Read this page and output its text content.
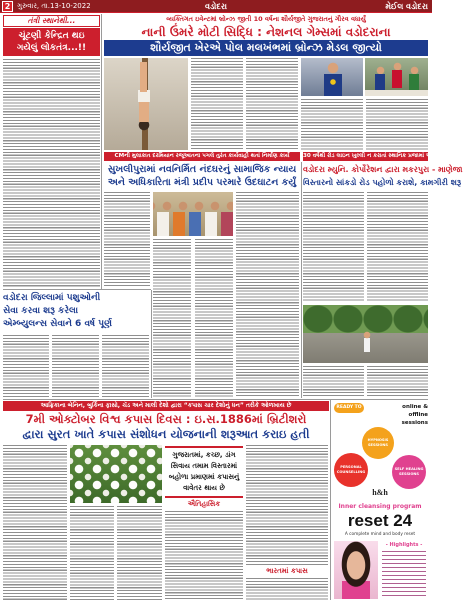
2 ગુરુવાર, તા.13-10-2022	વડોદરા	મેઈલ વડોદરા
તંત્રી સ્થાનેથી...
ચૂંટણી કેન્દ્રિત થઇ
ગયેલું લોકતંત્ર...!!
વ્યક્તિગત ઇવેન્ટમાં બ્રોન્ઝ જીતી 10 વર્ષના શૌર્યજીતે ગુજરાતનું ગૌરવ વધાર્યું
નાની ઉંમરે મોટી સિદ્ધિ : નેશનલ ગેમ્સમાં વડોદરાના
શૌર્યજીત ખેરએ પોલ મલખંભમાં બ્રોન્ઝ મેડલ જીત્યો
CMની મુલાકાત દરમિયાન રજૂઆતના પગલે તુરંત કાર્યવાહી થતાં નિર્માણ કાર્ય	30 વર્ષથી રોડ લાઇન ખુલ્લી ન કરાતાં સ્થાનિક પ્રજામાં આક્રોશ ફેલાયો હતો
સુખલીપુરામાં નવનિર્મિત નંદઘરનું સામાજિક ન્યાય
અને અધિકારિતા મંત્રી પ્રદીપ પરમારે ઉદઘાટન કર્યું
વડોદરા મ્યુનિ. કોર્પોરેશન દ્વારા મકરપુરા - માણેજા
વિસ્તારનો સાંકડો રોડ પહોળો કરાશે, કામગીરી શરૂ
વડોદરા જિલ્લામાં પશુઓની
સેવા કરવા શરૂ કરેલા
એમ્બ્યુલન્સ સેવાને 6 વર્ષ પૂર્ણ
આફ્રિકાના બેનિન, બુર્કિના ફાસો, ચૅડ અને માલી દેશો દ્વારા “કપાસ ચાર દેશોનું ધન” તરીકે ઓળખાય છે
7મી ઓક્ટોબર વિશ્વ કપાસ દિવસ : ઇ.સ.1886માં બ્રિટીશરો
દ્વારા સુરત ખાતે કપાસ સંશોધન યોજનાની શરૂઆત કરાઇ હતી
ગુજરાતમાં, કચ્છ, ડાંગ
સિવાય તમામ વિસ્તારમાં
બહોળા પ્રમાણમાં કપાસનું
વાવેતર થાય છે
ઐતિહાસિક
ભારતમાં કપાસ
READY TO	online &
offline
sessions
HYPNOSIS
SESSIONS
PERSONAL
COUNSELLING
SELF HEALING
SESSIONS
h&h
Inner cleansing program
reset 24
A complete mind and body reset
- Highlights -
